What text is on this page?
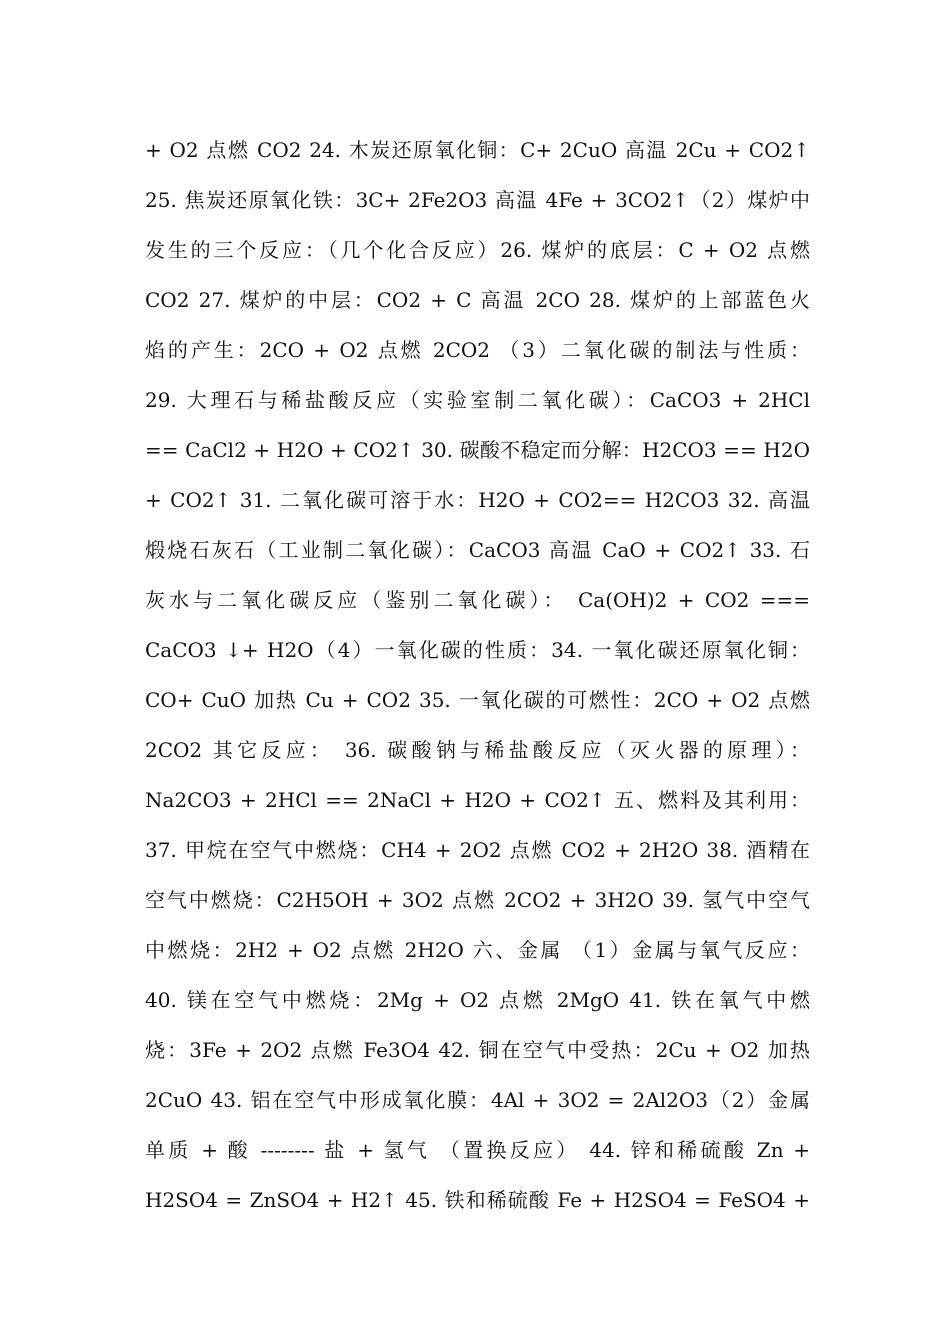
+ O2 点燃 CO2 24. 木炭还原氧化铜：C+ 2CuO 高温 2Cu + CO2↑
25. 焦炭还原氧化铁：3C+ 2Fe2O3 高温 4Fe + 3CO2↑（2）煤炉中
发生的三个反应：（几个化合反应）26. 煤炉的底层：C + O2 点燃
CO2 27. 煤炉的中层：CO2 + C 高温 2CO 28. 煤炉的上部蓝色火
焰的产生：2CO + O2 点燃 2CO2 （3）二氧化碳的制法与性质：
29. 大理石与稀盐酸反应（实验室制二氧化碳）：CaCO3 + 2HCl
== CaCl2 + H2O + CO2↑ 30. 碳酸不稳定而分解：H2CO3 == H2O
+ CO2↑ 31. 二氧化碳可溶于水：H2O + CO2== H2CO3 32. 高温
煅烧石灰石（工业制二氧化碳）：CaCO3 高温 CaO + CO2↑ 33. 石
灰水与二氧化碳反应（鉴别二氧化碳）： Ca(OH)2 + CO2 ===
CaCO3 ↓+ H2O（4）一氧化碳的性质：34. 一氧化碳还原氧化铜：
CO+ CuO 加热 Cu + CO2 35. 一氧化碳的可燃性：2CO + O2 点燃
2CO2 其它反应： 36. 碳酸钠与稀盐酸反应（灭火器的原理）：
Na2CO3 + 2HCl == 2NaCl + H2O + CO2↑ 五、燃料及其利用：
37. 甲烷在空气中燃烧：CH4 + 2O2 点燃 CO2 + 2H2O 38. 酒精在
空气中燃烧：C2H5OH + 3O2 点燃 2CO2 + 3H2O 39. 氢气中空气
中燃烧：2H2 + O2 点燃 2H2O 六、金属 （1）金属与氧气反应：
40. 镁在空气中燃烧：2Mg + O2 点燃 2MgO 41. 铁在氧气中燃
烧：3Fe + 2O2 点燃 Fe3O4 42. 铜在空气中受热：2Cu + O2 加热
2CuO 43. 铝在空气中形成氧化膜：4Al + 3O2 = 2Al2O3（2）金属
单质 + 酸 -------- 盐 + 氢气 （置换反应） 44. 锌和稀硫酸 Zn +
H2SO4 = ZnSO4 + H2↑ 45. 铁和稀硫酸 Fe + H2SO4 = FeSO4 +
